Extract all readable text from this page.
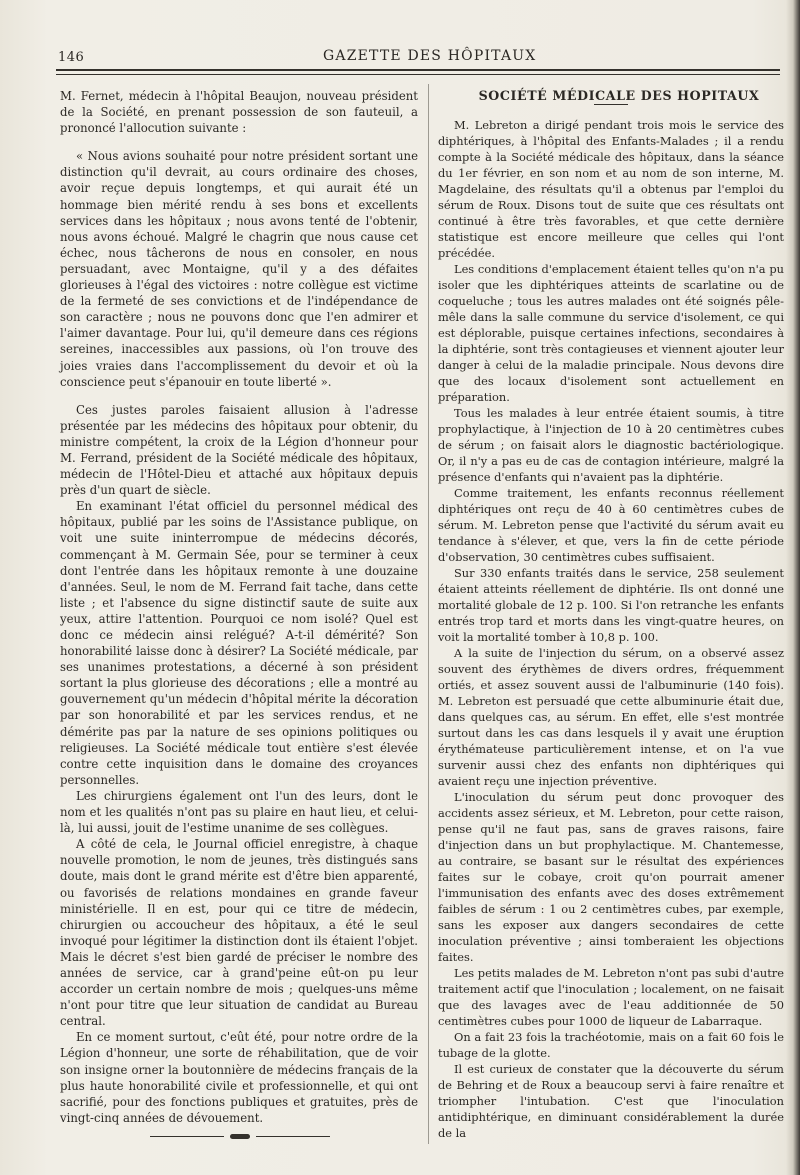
146	GAZETTE DES HÔPITAUX

M. Fernet, médecin à l'hôpital Beaujon, nouveau président de la Société, en prenant possession de son fauteuil, a prononcé l'allocution suivante :

« Nous avions souhaité pour notre président sortant une distinction qu'il devrait, au cours ordinaire des choses, avoir reçue depuis longtemps, et qui aurait été un hommage bien mérité rendu à ses bons et excellents services dans les hôpitaux ; nous avons tenté de l'obtenir, nous avons échoué. Malgré le chagrin que nous cause cet échec, nous tâcherons de nous en consoler, en nous persuadant, avec Montaigne, qu'il y a des défaites glorieuses à l'égal des victoires : notre collègue est victime de la fermeté de ses convictions et de l'indépendance de son caractère ; nous ne pouvons donc que l'en admirer et l'aimer davantage. Pour lui, qu'il demeure dans ces régions sereines, inaccessibles aux passions, où l'on trouve des joies vraies dans l'accomplissement du devoir et où la conscience peut s'épanouir en toute liberté ».

Ces justes paroles faisaient allusion à l'adresse présentée par les médecins des hôpitaux pour obtenir, du ministre compétent, la croix de la Légion d'honneur pour M. Ferrand, président de la Société médicale des hôpitaux, médecin de l'Hôtel-Dieu et attaché aux hôpitaux depuis près d'un quart de siècle.

En examinant l'état officiel du personnel médical des hôpitaux, publié par les soins de l'Assistance publique, on voit une suite ininterrompue de médecins décorés, commençant à M. Germain Sée, pour se terminer à ceux dont l'entrée dans les hôpitaux remonte à une douzaine d'années. Seul, le nom de M. Ferrand fait tache, dans cette liste ; et l'absence du signe distinctif saute de suite aux yeux, attire l'attention. Pourquoi ce nom isolé? Quel est donc ce médecin ainsi relégué? A-t-il démérité? Son honorabilité laisse donc à désirer? La Société médicale, par ses unanimes protestations, a décerné à son président sortant la plus glorieuse des décorations ; elle a montré au gouvernement qu'un médecin d'hôpital mérite la décoration par son honorabilité et par les services rendus, et ne démérite pas par la nature de ses opinions politiques ou religieuses. La Société médicale tout entière s'est élevée contre cette inquisition dans le domaine des croyances personnelles.

Les chirurgiens également ont l'un des leurs, dont le nom et les qualités n'ont pas su plaire en haut lieu, et celui-là, lui aussi, jouit de l'estime unanime de ses collègues.

A côté de cela, le Journal officiel enregistre, à chaque nouvelle promotion, le nom de jeunes, très distingués sans doute, mais dont le grand mérite est d'être bien apparenté, ou favorisés de relations mondaines en grande faveur ministérielle. Il en est, pour qui ce titre de médecin, chirurgien ou accoucheur des hôpitaux, a été le seul invoqué pour légitimer la distinction dont ils étaient l'objet. Mais le décret s'est bien gardé de préciser le nombre des années de service, car à grand'peine eût-on pu leur accorder un certain nombre de mois ; quelques-uns même n'ont pour titre que leur situation de candidat au Bureau central.

En ce moment surtout, c'eût été, pour notre ordre de la Légion d'honneur, une sorte de réhabilitation, que de voir son insigne orner la boutonnière de médecins français de la plus haute honorabilité civile et professionnelle, et qui ont sacrifié, pour des fonctions publiques et gratuites, près de vingt-cinq années de dévouement.

SOCIÉTÉ MÉDICALE DES HOPITAUX

M. Lebreton a dirigé pendant trois mois le service des diphtériques, à l'hôpital des Enfants-Malades ; il a rendu compte à la Société médicale des hôpitaux, dans la séance du 1er février, en son nom et au nom de son interne, M. Magdelaine, des résultats qu'il a obtenus par l'emploi du sérum de Roux. Disons tout de suite que ces résultats ont continué à être très favorables, et que cette dernière statistique est encore meilleure que celles qui l'ont précédée.

Les conditions d'emplacement étaient telles qu'on n'a pu isoler que les diphtériques atteints de scarlatine ou de coqueluche ; tous les autres malades ont été soignés pêle-mêle dans la salle commune du service d'isolement, ce qui est déplorable, puisque certaines infections, secondaires à la diphtérie, sont très contagieuses et viennent ajouter leur danger à celui de la maladie principale. Nous devons dire que des locaux d'isolement sont actuellement en préparation.

Tous les malades à leur entrée étaient soumis, à titre prophylactique, à l'injection de 10 à 20 centimètres cubes de sérum ; on faisait alors le diagnostic bactériologique. Or, il n'y a pas eu de cas de contagion intérieure, malgré la présence d'enfants qui n'avaient pas la diphtérie.

Comme traitement, les enfants reconnus réellement diphtériques ont reçu de 40 à 60 centimètres cubes de sérum. M. Lebreton pense que l'activité du sérum avait eu tendance à s'élever, et que, vers la fin de cette période d'observation, 30 centimètres cubes suffisaient.

Sur 330 enfants traités dans le service, 258 seulement étaient atteints réellement de diphtérie. Ils ont donné une mortalité globale de 12 p. 100. Si l'on retranche les enfants entrés trop tard et morts dans les vingt-quatre heures, on voit la mortalité tomber à 10,8 p. 100.

A la suite de l'injection du sérum, on a observé assez souvent des érythèmes de divers ordres, fréquemment ortiés, et assez souvent aussi de l'albuminurie (140 fois). M. Lebreton est persuadé que cette albuminurie était due, dans quelques cas, au sérum. En effet, elle s'est montrée surtout dans les cas dans lesquels il y avait une éruption érythémateuse particulièrement intense, et on l'a vue survenir aussi chez des enfants non diphtériques qui avaient reçu une injection préventive.

L'inoculation du sérum peut donc provoquer des accidents assez sérieux, et M. Lebreton, pour cette raison, pense qu'il ne faut pas, sans de graves raisons, faire d'injection dans un but prophylactique. M. Chantemesse, au contraire, se basant sur le résultat des expériences faites sur le cobaye, croit qu'on pourrait amener l'immunisation des enfants avec des doses extrêmement faibles de sérum : 1 ou 2 centimètres cubes, par exemple, sans les exposer aux dangers secondaires de cette inoculation préventive ; ainsi tomberaient les objections faites.

Les petits malades de M. Lebreton n'ont pas subi d'autre traitement actif que l'inoculation ; localement, on ne faisait que des lavages avec de l'eau additionnée de 50 centimètres cubes pour 1000 de liqueur de Labarraque.

On a fait 23 fois la trachéotomie, mais on a fait 60 fois le tubage de la glotte.

Il est curieux de constater que la découverte du sérum de Behring et de Roux a beaucoup servi à faire renaître et triompher l'intubation. C'est que l'inoculation antidiphtérique, en diminuant considérablement la durée de la
